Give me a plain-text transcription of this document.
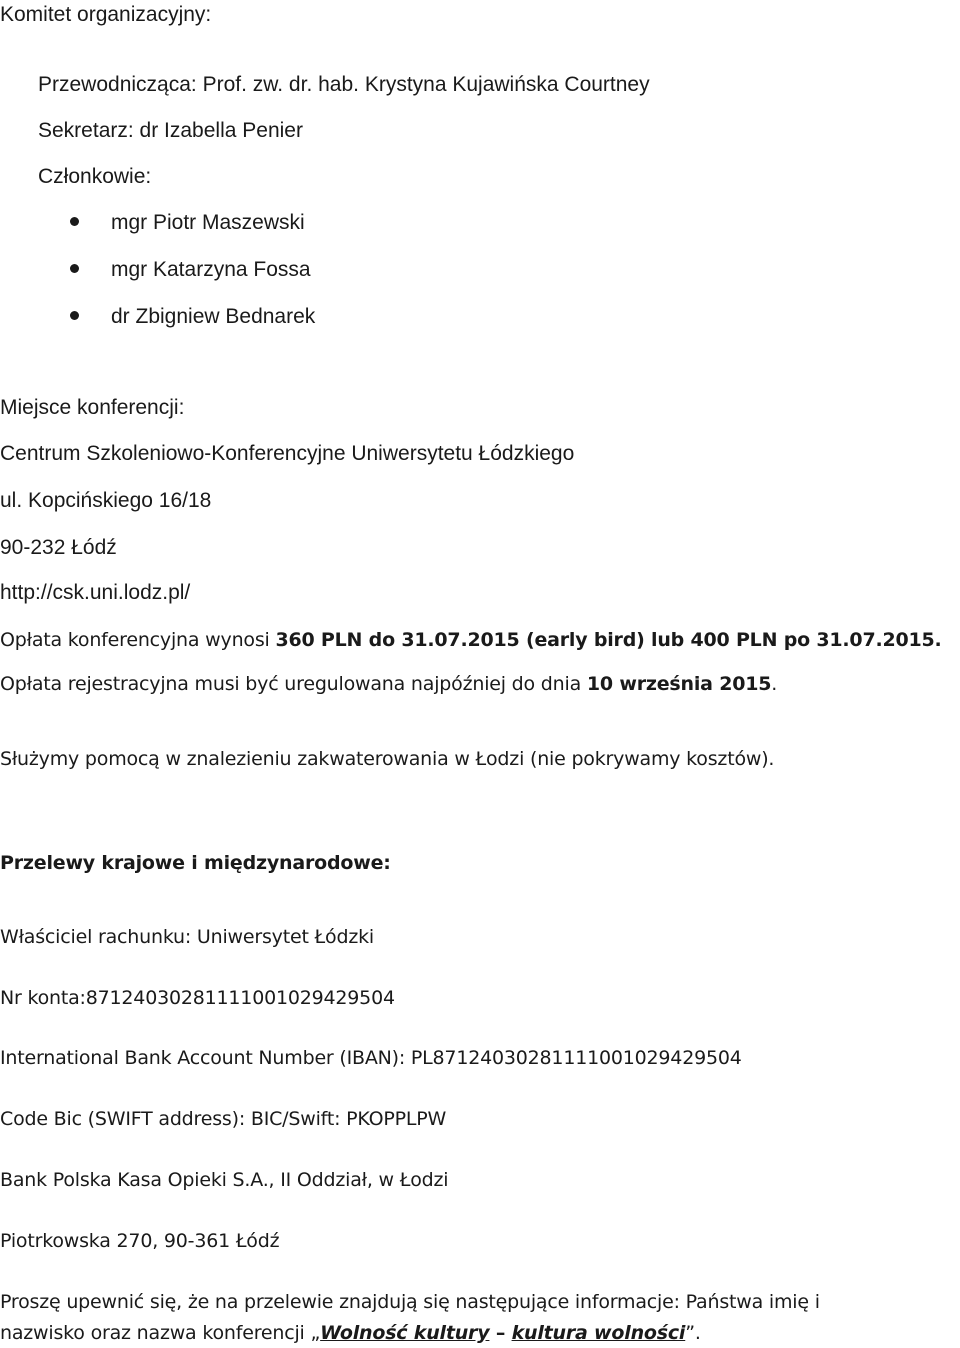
Komitet organizacyjny:
Przewodnicząca: Prof. zw. dr. hab. Krystyna Kujawińska Courtney
Sekretarz: dr Izabella Penier
Członkowie:
mgr Piotr Maszewski
mgr Katarzyna Fossa
dr Zbigniew Bednarek
Miejsce konferencji:
Centrum Szkoleniowo-Konferencyjne Uniwersytetu Łódzkiego
ul. Kopcińskiego 16/18
90-232 Łódź
http://csk.uni.lodz.pl/
Opłata konferencyjna wynosi 360 PLN do 31.07.2015 (early bird) lub 400 PLN po 31.07.2015.
Opłata rejestracyjna musi być uregulowana najpóźniej do dnia 10 września 2015.
Służymy pomocą w znalezieniu zakwaterowania w Łodzi (nie pokrywamy kosztów).
Przelewy krajowe i międzynarodowe:
Właściciel rachunku: Uniwersytet Łódzki
Nr konta:87124030281111001029429504
International Bank Account Number (IBAN): PL87124030281111001029429504
Code Bic (SWIFT address): BIC/Swift: PKOPPLPW
Bank Polska Kasa Opieki S.A., II Oddział, w Łodzi
Piotrkowska 270, 90-361 Łódź
Proszę upewnić się, że na przelewie znajdują się następujące informacje: Państwa imię i
nazwisko oraz nazwa konferencji „Wolność kultury – kultura wolności”.
